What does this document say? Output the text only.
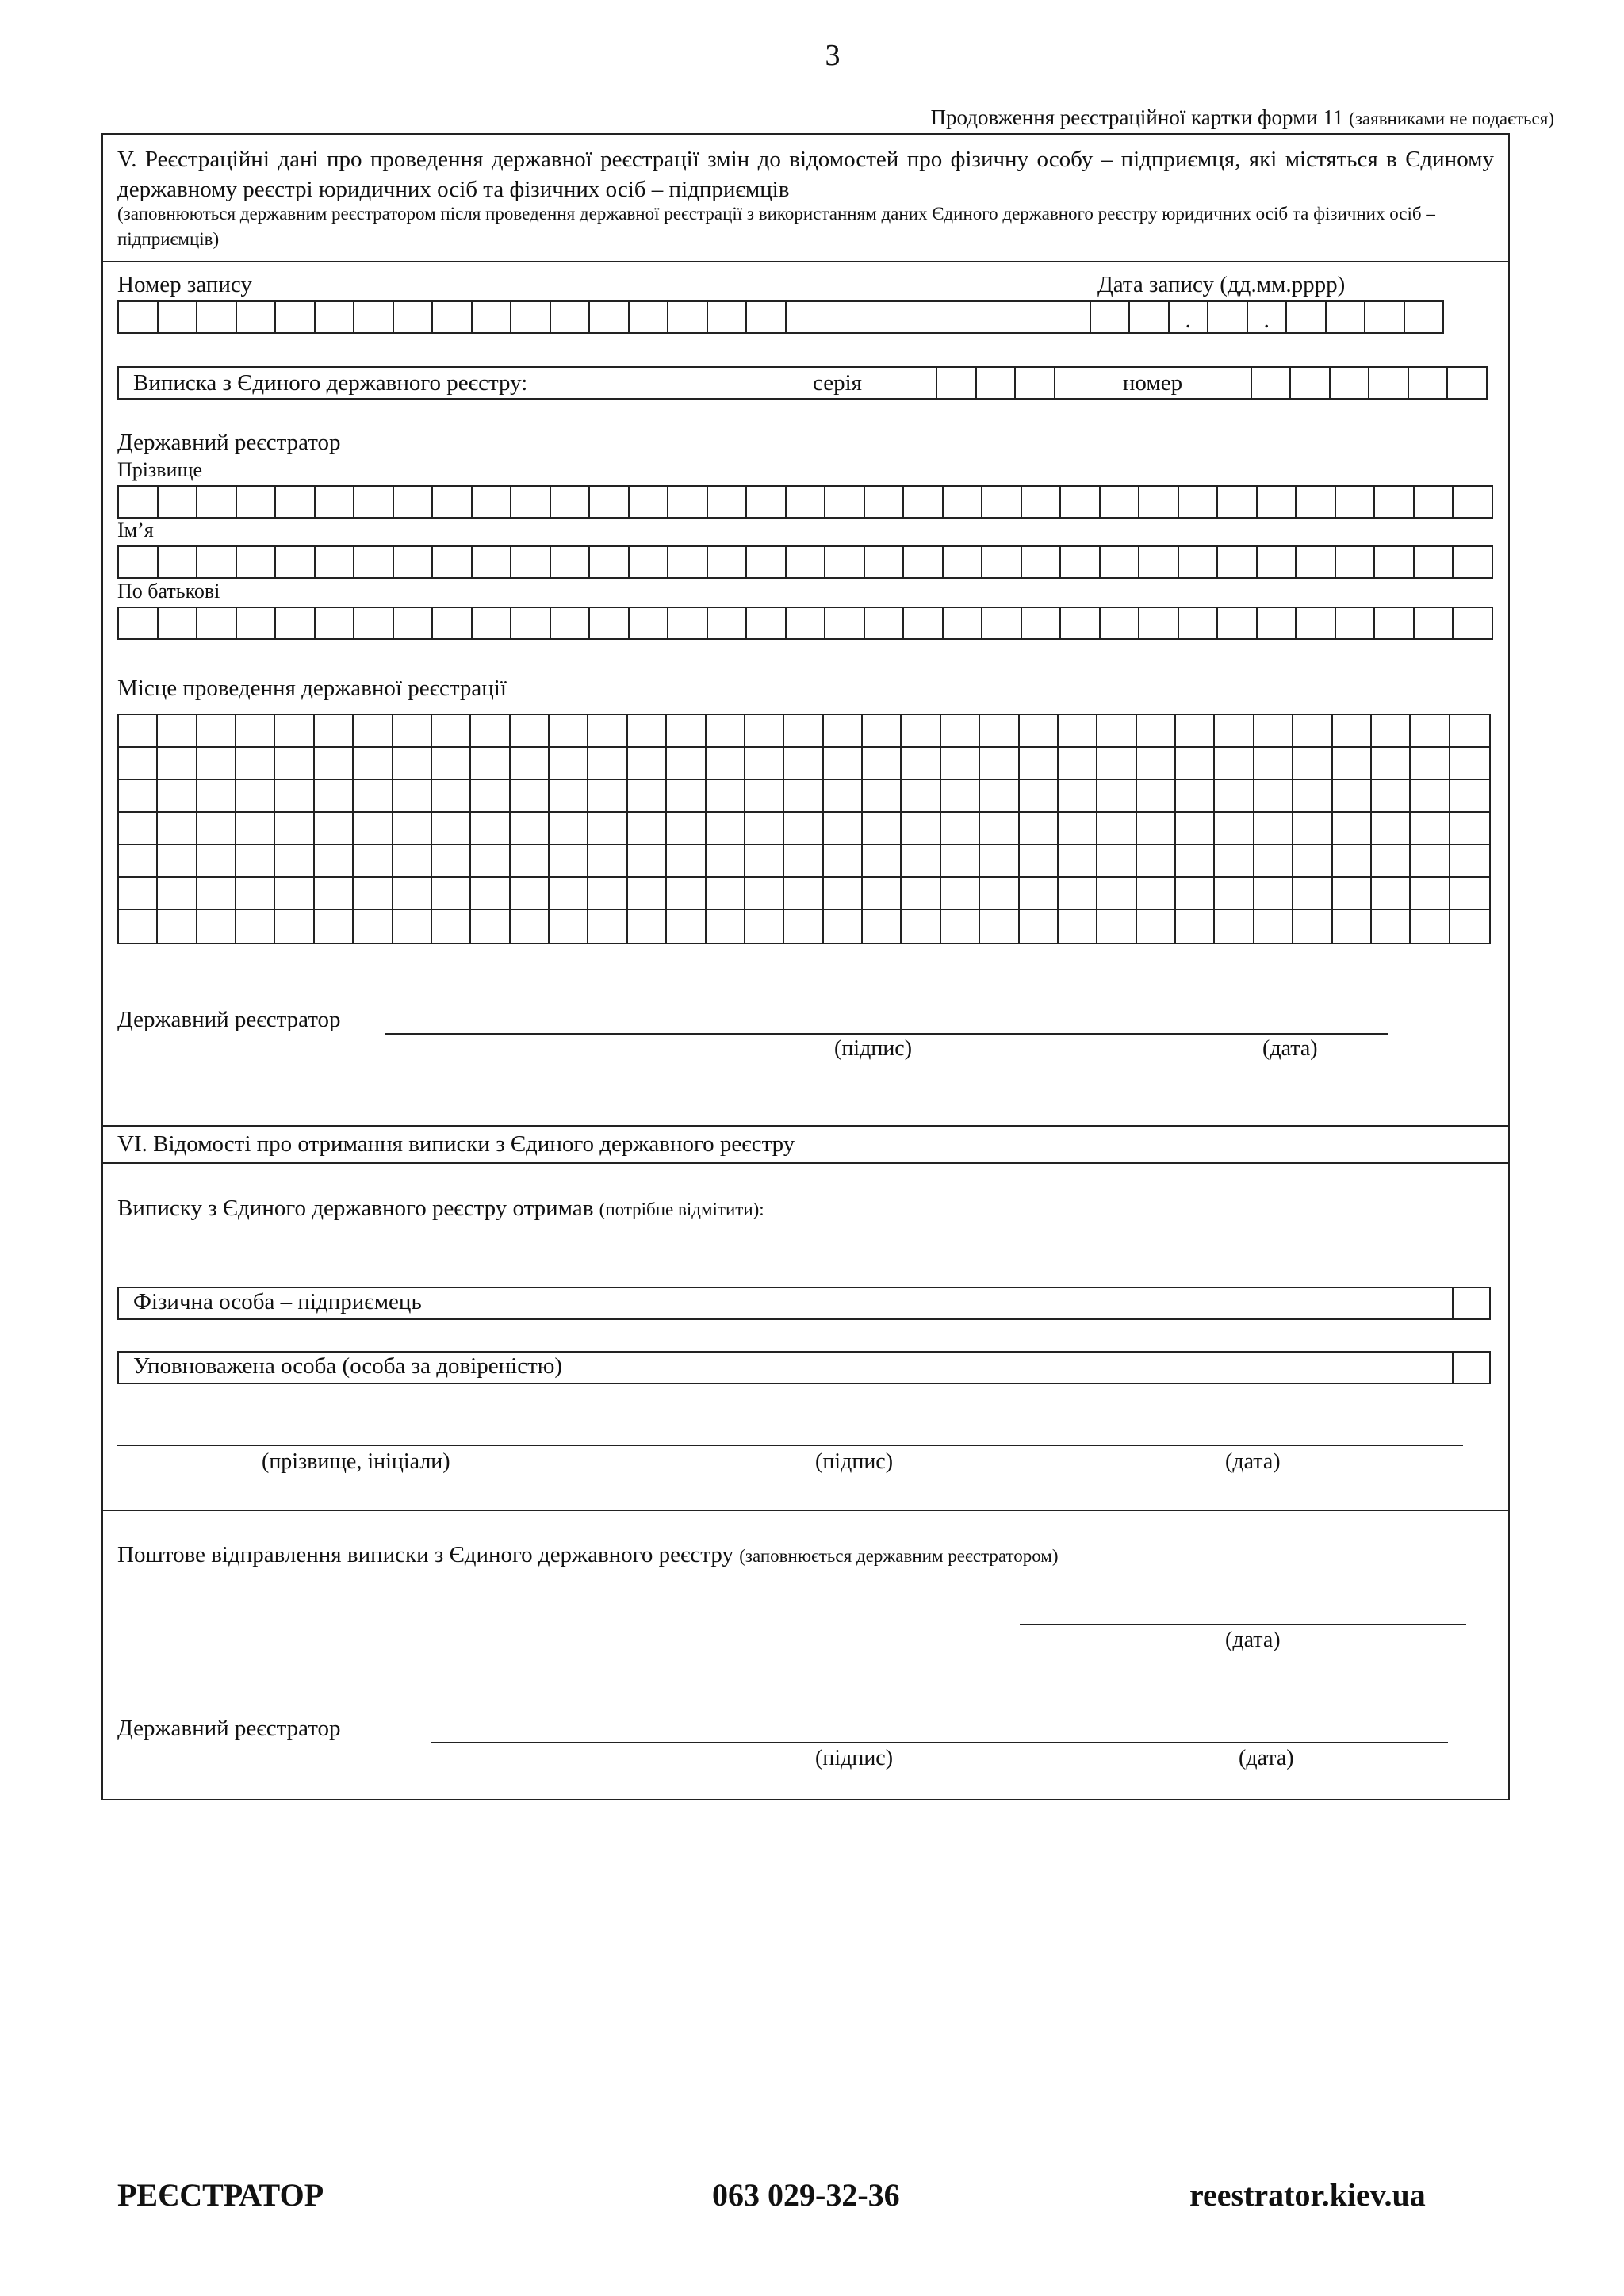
3
Продовження реєстраційної картки форми 11 (заявниками не подається)
V. Реєстраційні дані про проведення державної реєстрації змін до відомостей про фізичну особу – підприємця, які містяться в Єдиному державному реєстрі юридичних осіб та фізичних осіб – підприємців
(заповнюються державним реєстратором після проведення державної реєстрації з використанням даних Єдиного державного реєстру юридичних осіб та фізичних осіб – підприємців)
Номер запису	Дата запису (дд.мм.рррр)
.
.
Виписка з Єдиного державного реєстру:	серія	номер
Державний реєстратор
Прізвище
Ім’я
По батькові
Місце проведення державної реєстрації
Державний реєстратор
(підпис)	(дата)
VI. Відомості про отримання виписки з Єдиного державного реєстру
Виписку з Єдиного державного реєстру отримав (потрібне відмітити):
Фізична особа – підприємець
Уповноважена особа (особа за довіреністю)
(прізвище, ініціали)	(підпис)	(дата)
Поштове відправлення виписки з Єдиного державного реєстру (заповнюється державним реєстратором)
(дата)
Державний реєстратор
(підпис)	(дата)
РЕЄСТРАТОР	063 029-32-36	reestrator.kiev.ua
